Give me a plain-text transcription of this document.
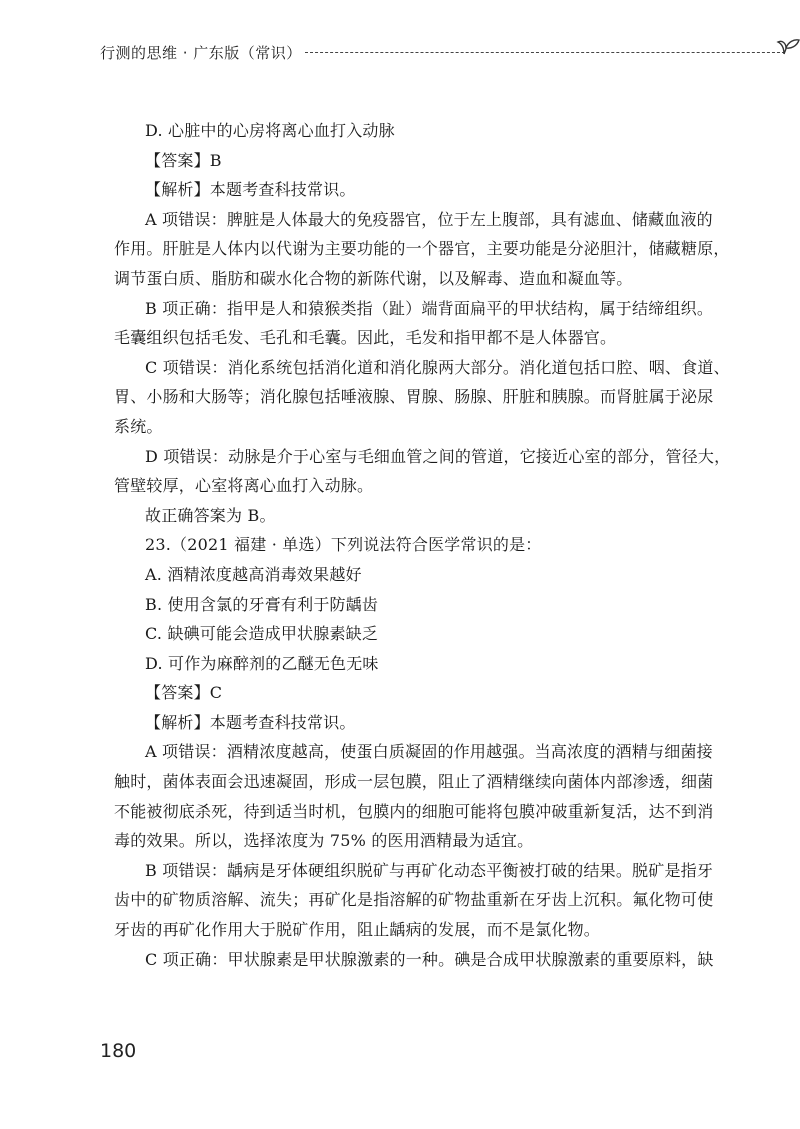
行测的思维 · 广东版（常识）

D. 心脏中的心房将离心血打入动脉

【答案】B

【解析】本题考查科技常识。

A 项错误：脾脏是人体最大的免疫器官，位于左上腹部，具有滤血、储藏血液的

作用。肝脏是人体内以代谢为主要功能的一个器官，主要功能是分泌胆汁，储藏糖原，

调节蛋白质、脂肪和碳水化合物的新陈代谢，以及解毒、造血和凝血等。

B 项正确：指甲是人和猿猴类指（趾）端背面扁平的甲状结构，属于结缔组织。

毛囊组织包括毛发、毛孔和毛囊。因此，毛发和指甲都不是人体器官。

C 项错误：消化系统包括消化道和消化腺两大部分。消化道包括口腔、咽、食道、

胃、小肠和大肠等；消化腺包括唾液腺、胃腺、肠腺、肝脏和胰腺。而肾脏属于泌尿

系统。

D 项错误：动脉是介于心室与毛细血管之间的管道，它接近心室的部分，管径大，

管壁较厚，心室将离心血打入动脉。

故正确答案为 B。

23.（2021 福建 · 单选）下列说法符合医学常识的是：

A. 酒精浓度越高消毒效果越好

B. 使用含氯的牙膏有利于防龋齿

C. 缺碘可能会造成甲状腺素缺乏

D. 可作为麻醉剂的乙醚无色无味

【答案】C

【解析】本题考查科技常识。

A 项错误：酒精浓度越高，使蛋白质凝固的作用越强。当高浓度的酒精与细菌接

触时，菌体表面会迅速凝固，形成一层包膜，阻止了酒精继续向菌体内部渗透，细菌

不能被彻底杀死，待到适当时机，包膜内的细胞可能将包膜冲破重新复活，达不到消

毒的效果。所以，选择浓度为 75% 的医用酒精最为适宜。

B 项错误：龋病是牙体硬组织脱矿与再矿化动态平衡被打破的结果。脱矿是指牙

齿中的矿物质溶解、流失；再矿化是指溶解的矿物盐重新在牙齿上沉积。氟化物可使

牙齿的再矿化作用大于脱矿作用，阻止龋病的发展，而不是氯化物。

C 项正确：甲状腺素是甲状腺激素的一种。碘是合成甲状腺激素的重要原料，缺

180
